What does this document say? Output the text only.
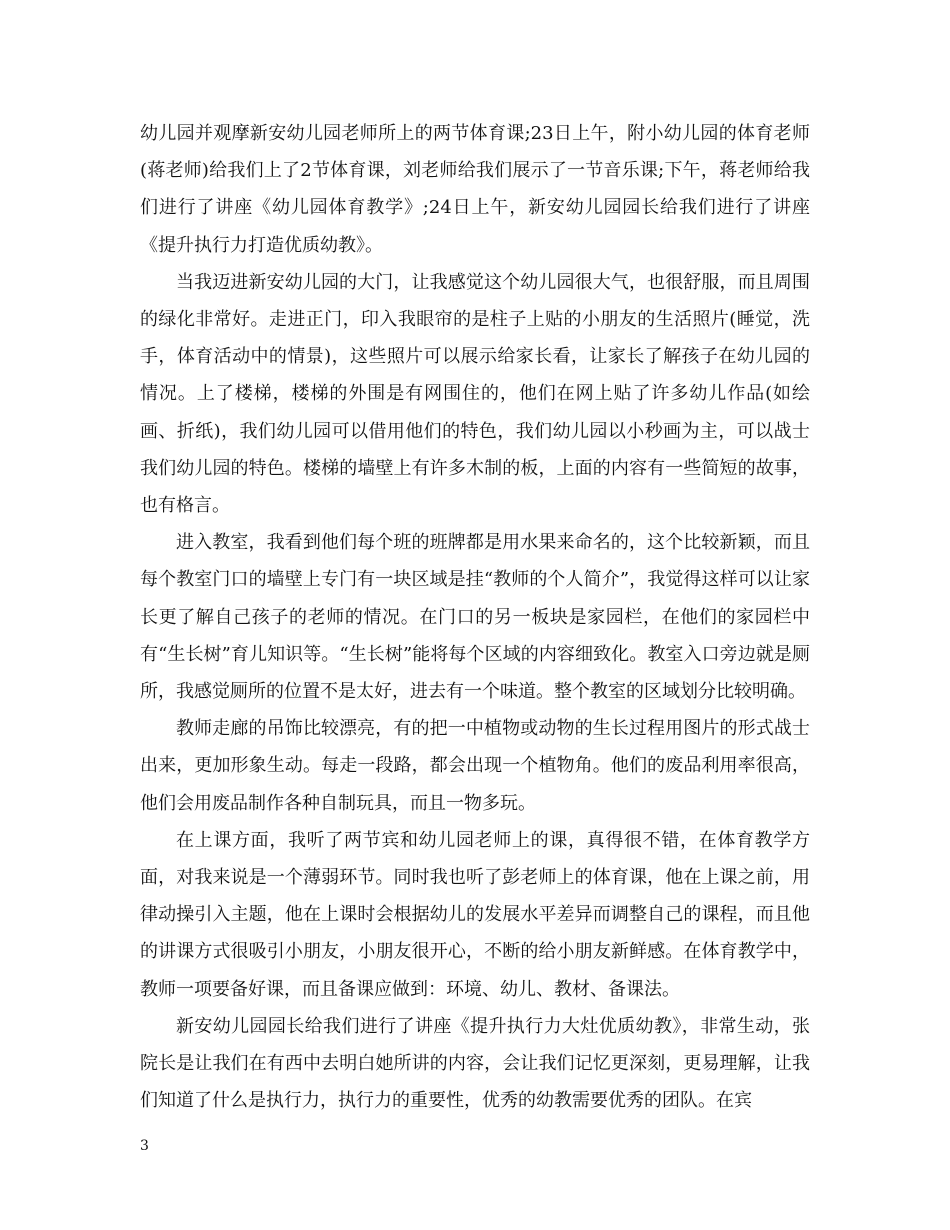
幼儿园并观摩新安幼儿园老师所上的两节体育课;23日上午，附小幼儿园的体育老师(蒋老师)给我们上了2节体育课，刘老师给我们展示了一节音乐课;下午，蒋老师给我们进行了讲座《幼儿园体育教学》;24日上午，新安幼儿园园长给我们进行了讲座《提升执行力打造优质幼教》。

当我迈进新安幼儿园的大门，让我感觉这个幼儿园很大气，也很舒服，而且周围的绿化非常好。走进正门，印入我眼帘的是柱子上贴的小朋友的生活照片(睡觉，洗手，体育活动中的情景)，这些照片可以展示给家长看，让家长了解孩子在幼儿园的情况。上了楼梯，楼梯的外围是有网围住的，他们在网上贴了许多幼儿作品(如绘画、折纸)，我们幼儿园可以借用他们的特色，我们幼儿园以小秒画为主，可以战士我们幼儿园的特色。楼梯的墙壁上有许多木制的板，上面的内容有一些简短的故事，也有格言。

进入教室，我看到他们每个班的班牌都是用水果来命名的，这个比较新颖，而且每个教室门口的墙壁上专门有一块区域是挂“教师的个人简介”，我觉得这样可以让家长更了解自己孩子的老师的情况。在门口的另一板块是家园栏，在他们的家园栏中有“生长树”育儿知识等。“生长树”能将每个区域的内容细致化。教室入口旁边就是厕所，我感觉厕所的位置不是太好，进去有一个味道。整个教室的区域划分比较明确。

教师走廊的吊饰比较漂亮，有的把一中植物或动物的生长过程用图片的形式战士出来，更加形象生动。每走一段路，都会出现一个植物角。他们的废品利用率很高，他们会用废品制作各种自制玩具，而且一物多玩。

在上课方面，我听了两节宾和幼儿园老师上的课，真得很不错，在体育教学方面，对我来说是一个薄弱环节。同时我也听了彭老师上的体育课，他在上课之前，用律动操引入主题，他在上课时会根据幼儿的发展水平差异而调整自己的课程，而且他的讲课方式很吸引小朋友，小朋友很开心，不断的给小朋友新鲜感。在体育教学中，教师一项要备好课，而且备课应做到：环境、幼儿、教材、备课法。

新安幼儿园园长给我们进行了讲座《提升执行力大灶优质幼教》，非常生动，张院长是让我们在有西中去明白她所讲的内容，会让我们记忆更深刻，更易理解，让我们知道了什么是执行力，执行力的重要性，优秀的幼教需要优秀的团队。在宾

3
